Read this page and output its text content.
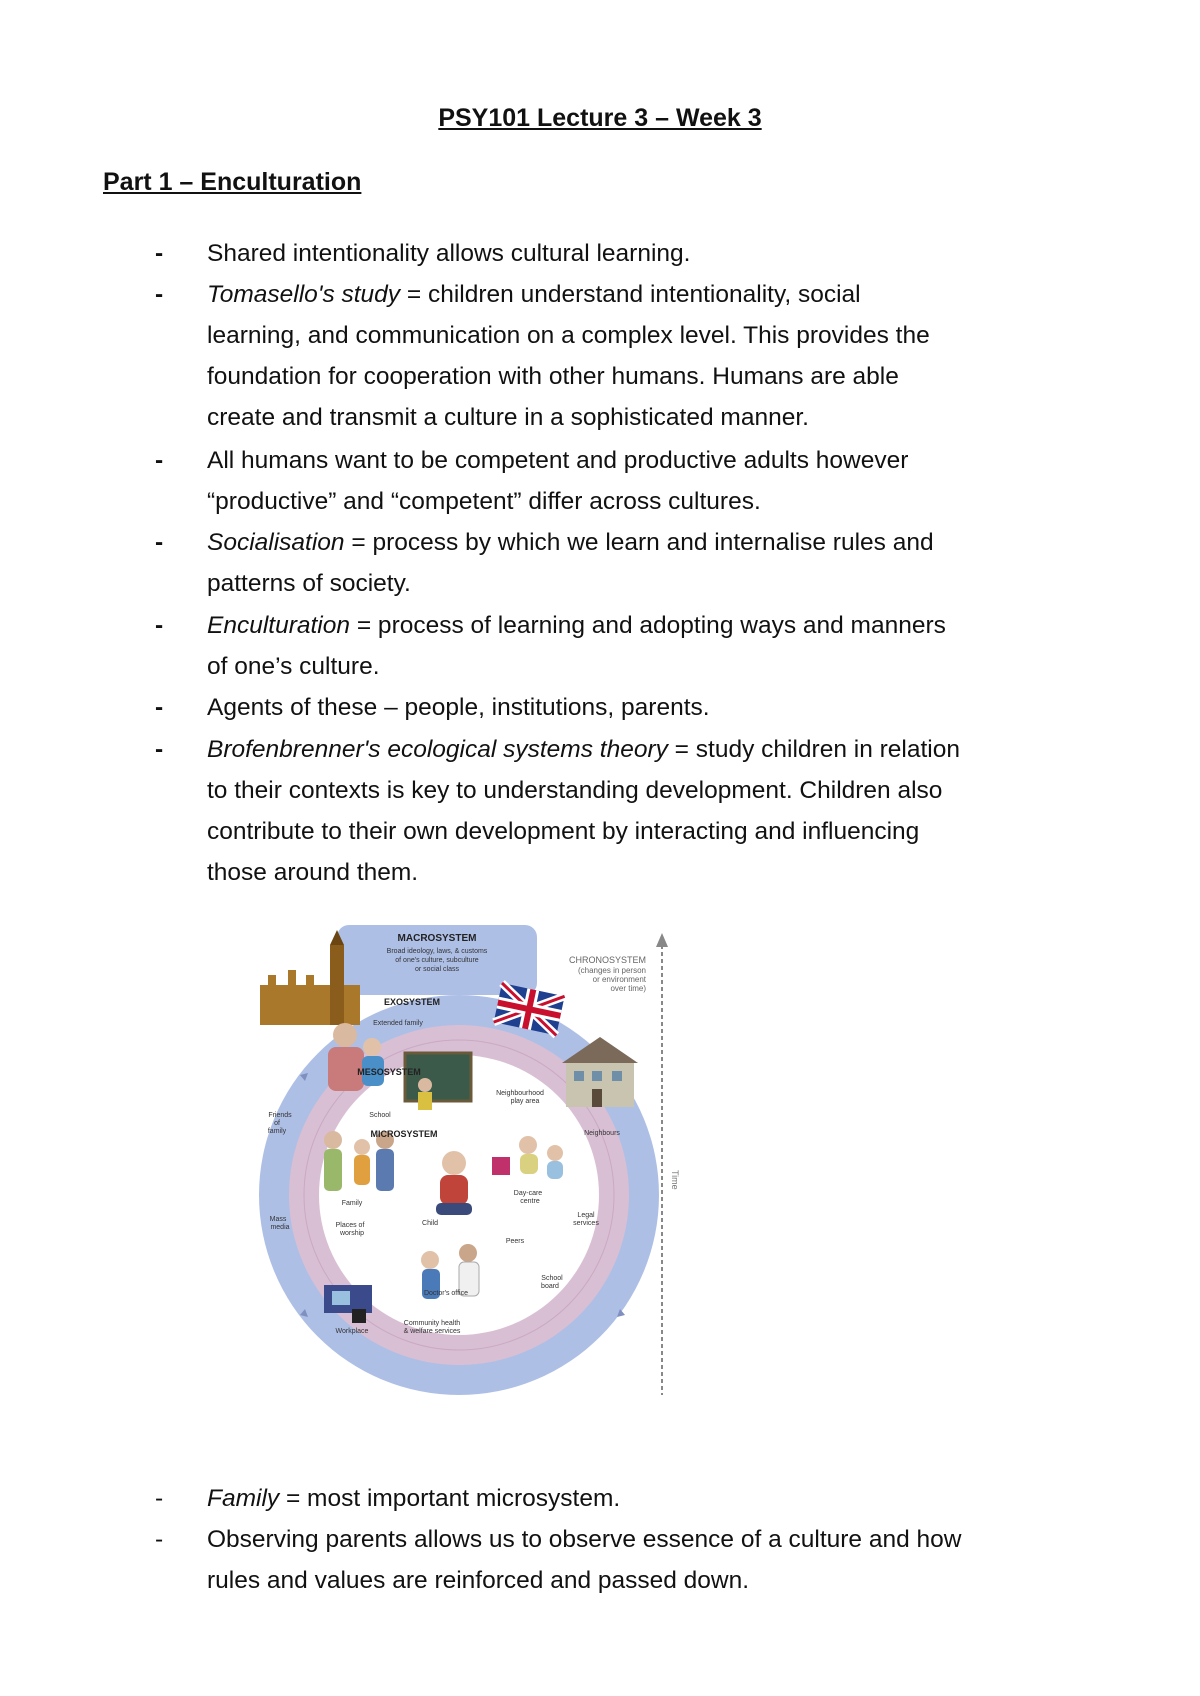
PSY101 Lecture 3 – Week 3
Part 1 – Enculturation
- Shared intentionality allows cultural learning.
- Tomasello's study = children understand intentionality, social
learning, and communication on a complex level. This provides the
foundation for cooperation with other humans. Humans are able
create and transmit a culture in a sophisticated manner.
- All humans want to be competent and productive adults however
“productive” and “competent” differ across cultures.
- Socialisation = process by which we learn and internalise rules and
patterns of society.
- Enculturation = process of learning and adopting ways and manners
of one’s culture.
- Agents of these – people, institutions, parents.
- Brofenbrenner's ecological systems theory = study children in relation
to their contexts is key to understanding development. Children also
contribute to their own development by interacting and influencing
those around them.
MACROSYSTEM
MESOSYSTEM
EXOSYSTEM
MICROSYSTEM
Broad ideology, laws, & customs
of one's culture, subculture
or social class
Extended family
Neighbourhood
play area
School
Friends
of
family	Neighbours
Family
Child
Day-care
centre
Places of
worship
Peers
Mass
media
Legal
services
Doctor's office
School
board
Workplace
Community health
& welfare services
CHRONOSYSTEM
(changes in person
or environment
over time)
Time
- Family = most important microsystem.
- Observing parents allows us to observe essence of a culture and how
rules and values are reinforced and passed down.
